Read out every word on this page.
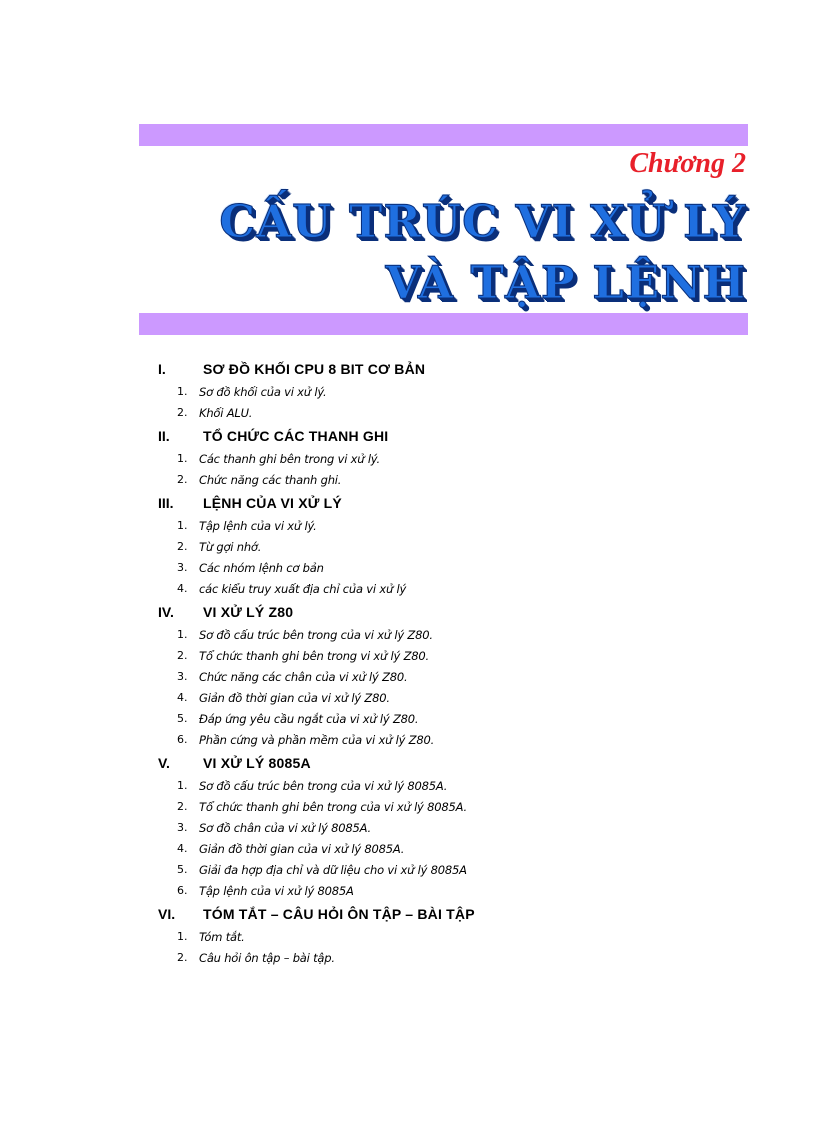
Chương 2
CẤU TRÚC VI XỬ LÝ
VÀ TẬP LỆNH
I.	SƠ ĐỒ KHỐI CPU 8 BIT CƠ BẢN
1.	Sơ đồ khối của vi xử lý.
2.	Khối ALU.
II.	TỔ CHỨC CÁC THANH GHI
1.	Các thanh ghi bên trong vi xử lý.
2.	Chức năng các thanh ghi.
III.	LỆNH CỦA VI XỬ LÝ
1.	Tập lệnh của vi xử lý.
2.	Từ gợi nhớ.
3.	Các nhóm lệnh cơ bản
4.	các kiểu truy xuất địa chỉ của vi xử lý
IV.	VI XỬ LÝ Z80
1.	Sơ đồ cấu trúc bên trong của vi xử lý Z80.
2.	Tổ chức thanh ghi bên trong vi xử lý Z80.
3.	Chức năng các chân của vi xử lý Z80.
4.	Giản đồ thời gian của vi xử lý Z80.
5.	Đáp ứng yêu cầu ngắt của vi xử lý Z80.
6.	Phần cứng và phần mềm của vi xử lý Z80.
V.	VI XỬ LÝ 8085A
1.	Sơ đồ cấu trúc bên trong của vi xử lý 8085A.
2.	Tổ chức thanh ghi bên trong của vi xử lý 8085A.
3.	Sơ đồ chân của vi xử lý 8085A.
4.	Giản đồ thời gian của vi xử lý 8085A.
5.	Giải đa hợp địa chỉ và dữ liệu cho vi xử lý 8085A
6.	Tập lệnh của vi xử lý 8085A
VI.	TÓM TẮT – CÂU HỎI ÔN TẬP – BÀI TẬP
1.	Tóm tắt.
2.	Câu hỏi ôn tập – bài tập.
